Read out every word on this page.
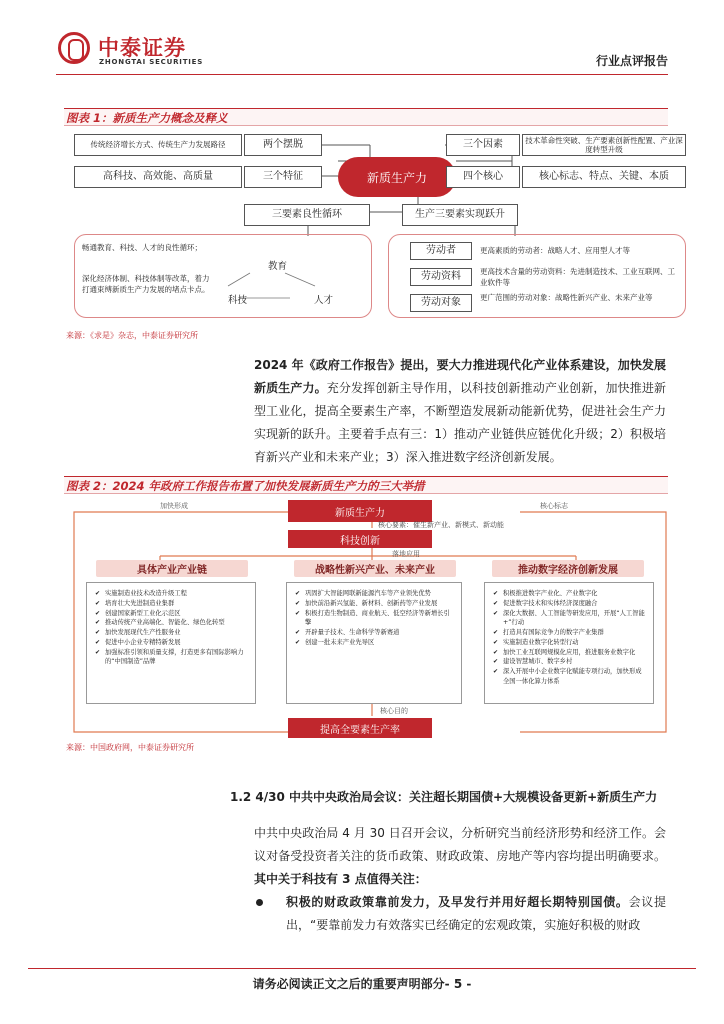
中泰证券
ZHONGTAI SECURITIES	行业点评报告
图表 1：新质生产力概念及释义
传统经济增长方式、传统生产力发展路径	两个摆脱
高科技、高效能、高质量	三个特征	新质生产力
三个因素	技术革命性突破、生产要素创新性配置、产业深度转型升级
四个核心	核心标志、特点、关键、本质
三要素良性循环	生产三要素实现跃升
畅通教育、科技、人才的良性循环；
深化经济体制、科技体制等改革，着力打通束缚新质生产力发展的堵点卡点。
教育
科技	人才
劳动者	更高素质的劳动者：战略人才、应用型人才等
劳动资料	更高技术含量的劳动资料：先进制造技术、工业互联网、工业软件等
劳动对象	更广范围的劳动对象：战略性新兴产业、未来产业等
来源：《求是》杂志，中泰证券研究所
2024 年《政府工作报告》提出，要大力推进现代化产业体系建设，加快发展新质生产力。充分发挥创新主导作用，以科技创新推动产业创新，加快推进新型工业化，提高全要素生产率，不断塑造发展新动能新优势，促进社会生产力实现新的跃升。主要着手点有三：1）推动产业链供应链优化升级；2）积极培育新兴产业和未来产业；3）深入推进数字经济创新发展。
图表 2：2024 年政府工作报告布置了加快发展新质生产力的三大举措
新质生产力
加快形成	核心标志
核心要素：催生新产业、新模式、新动能
科技创新
落地应用
具体产业产业链	战略性新兴产业、未来产业	推动数字经济创新发展
✔ 实施制造业技术改造升级工程
✔ 培育壮大先进制造业集群
✔ 创建国家新型工业化示范区
✔ 推动传统产业高端化、智能化、绿色化转型
✔ 加快发展现代生产性服务业
✔ 促进中小企业专精特新发展
✔ 加强标准引领和质量支撑，打造更多有国际影响力的“中国制造”品牌
✔ 巩固扩大智能网联新能源汽车等产业领先优势
✔ 加快前沿新兴氢能、新材料、创新药等产业发展
✔ 积极打造生物制造、商业航天、低空经济等新增长引擎
✔ 开辟量子技术、生命科学等新赛道
✔ 创建一批未来产业先导区
✔ 积极推进数字产业化、产业数字化
✔ 促进数字技术和实体经济深度融合
✔ 深化大数据、人工智能等研发应用，开展“人工智能+”行动
✔ 打造具有国际竞争力的数字产业集群
✔ 实施制造业数字化转型行动
✔ 加快工业互联网规模化应用，推进服务业数字化
✔ 建设智慧城市、数字乡村
✔ 深入开展中小企业数字化赋能专项行动，加快形成全国一体化算力体系
核心目的
提高全要素生产率
来源：中国政府网，中泰证券研究所
1.2 4/30 中共中央政治局会议：关注超长期国债+大规模设备更新+新质生产力
中共中央政治局 4 月 30 日召开会议，分析研究当前经济形势和经济工作。会议对备受投资者关注的货币政策、财政政策、房地产等内容均提出明确要求。其中关于科技有 3 点值得关注：
积极的财政政策靠前发力，及早发行并用好超长期特别国债。会议提出，“要靠前发力有效落实已经确定的宏观政策，实施好积极的财政
请务必阅读正文之后的重要声明部分- 5 -
